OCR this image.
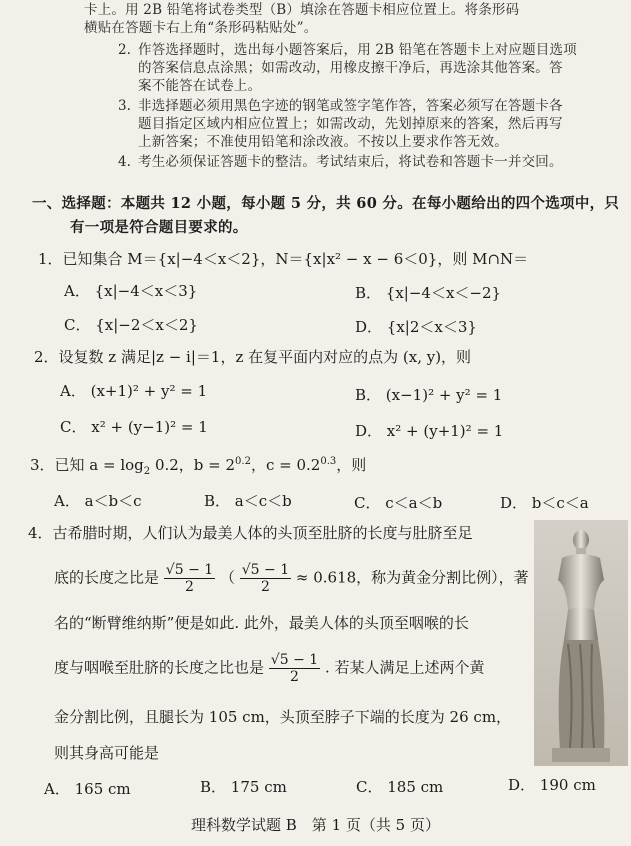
卡上。用 2B 铅笔将试卷类型（B）填涂在答题卡相应位置上。将条形码
横贴在答题卡右上角“条形码粘贴处”。
2. 作答选择题时，选出每小题答案后，用 2B 铅笔在答题卡上对应题目选项
的答案信息点涂黑；如需改动，用橡皮擦干净后，再选涂其他答案。答
案不能答在试卷上。
3. 非选择题必须用黑色字迹的钢笔或签字笔作答，答案必须写在答题卡各
题目指定区域内相应位置上；如需改动，先划掉原来的答案，然后再写
上新答案；不准使用铅笔和涂改液。不按以上要求作答无效。
4. 考生必须保证答题卡的整洁。考试结束后，将试卷和答题卡一并交回。
一、选择题：本题共 12 小题，每小题 5 分，共 60 分。在每小题给出的四个选项中，只
有一项是符合题目要求的。
1．已知集合 M＝{x|−4＜x＜2}，N＝{x|x² − x − 6＜0}，则 M∩N＝
A． {x|−4＜x＜3}	B． {x|−4＜x＜−2}
C． {x|−2＜x＜2}	D． {x|2＜x＜3}
2．设复数 z 满足|z − i|＝1，z 在复平面内对应的点为 (x, y)，则
A． (x+1)² + y² = 1	B． (x−1)² + y² = 1
C． x² + (y−1)² = 1	D． x² + (y+1)² = 1
3．已知 $a = \log_2 0.2$，$b = 2^{0.2}$，$c = 0.2^{0.3}$，则
A． a＜b＜c	B． a＜c＜b	C． c＜a＜b	D． b＜c＜a
4．古希腊时期，人们认为最美人体的头顶至肚脐的长度与肚脐至足
底的长度之比是 $\frac{√5 - 1}{2}$ （ $\frac{√5 - 1}{2} \approx 0.618$，称为黄金分割比例），著
名的“断臂维纳斯”便是如此. 此外，最美人体的头顶至咽喉的长
度与咽喉至肚脐的长度之比也是 $\frac{√5 - 1}{2}$ . 若某人满足上述两个黄
金分割比例，且腿长为 105 cm，头顶至脖子下端的长度为 26 cm，
则其身高可能是
A． 165 cm	B． 175 cm	C． 185 cm	D． 190 cm
理科数学试题 B　第 1 页（共 5 页）
